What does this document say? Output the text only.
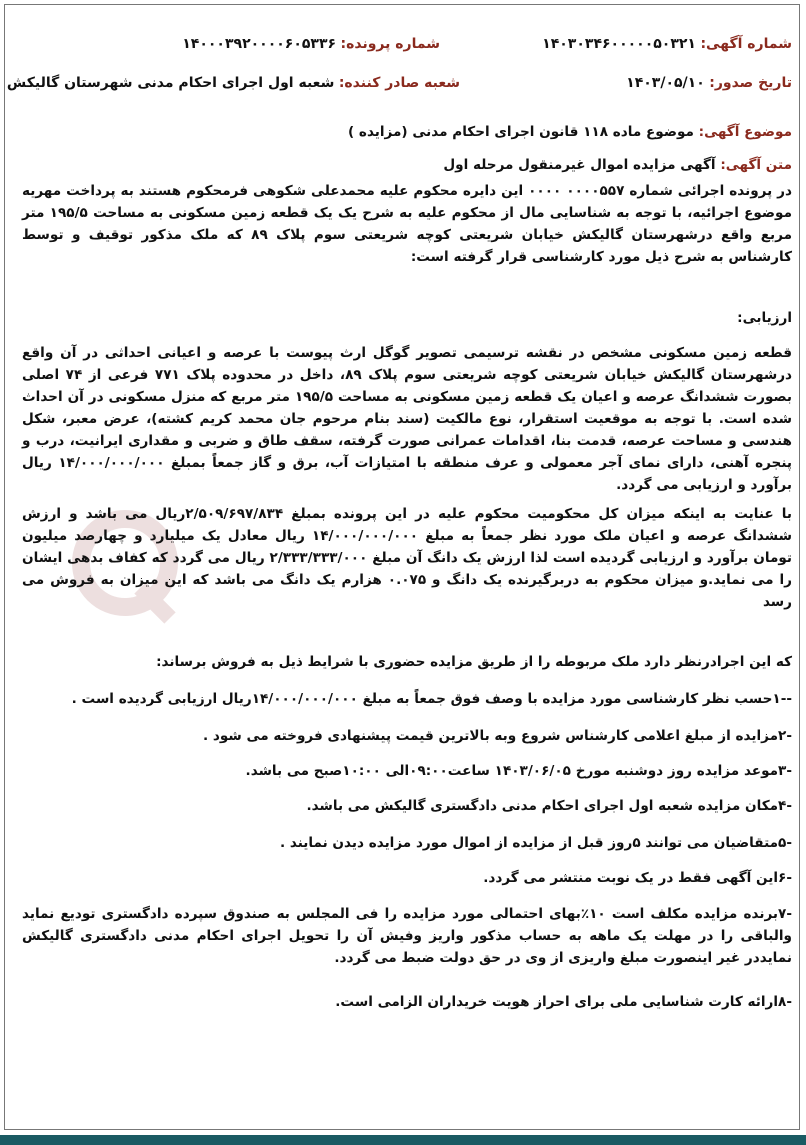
شماره آگهی: ۱۴۰۳۰۳۴۶۰۰۰۰۰۵۰۳۲۱
شماره پرونده: ۱۴۰۰۰۳۹۲۰۰۰۰۶۰۵۳۳۶
تاریخ صدور: ۱۴۰۳/۰۵/۱۰
شعبه صادر کننده: شعبه اول اجرای احکام مدنی شهرستان گالیکش
موضوع آگهی: موضوع ماده ۱۱۸ قانون اجرای احکام مدنی (مزایده )
متن آگهی: آگهی مزایده اموال غیرمنقول مرحله اول

در پرونده اجرائی شماره ۰۰۰۰۵۵۷ ۰۰۰۰ این دایره محکوم علیه محمدعلی شکوهی فرمحکوم هستند به پرداخت مهریه موضوع اجرائیه، با توجه به شناسایی مال از محکوم علیه به شرح یک یک قطعه زمین مسکونی به مساحت ۱۹۵/۵ متر مربع واقع درشهرستان گالیکش خیابان شریعتی کوچه شریعتی سوم پلاک ۸۹ که ملک مذکور توقیف و توسط کارشناس به شرح ذیل مورد کارشناسی قرار گرفته است:

ارزیابی:

قطعه زمین مسکونی مشخص در نقشه ترسیمی تصویر گوگل ارث پیوست با عرصه و اعیانی احداثی در آن واقع درشهرستان گالیکش خیابان شریعتی کوچه شریعتی سوم پلاک ۸۹، داخل در محدوده پلاک ۷۷۱ فرعی از ۷۴ اصلی بصورت ششدانگ عرصه و اعیان یک قطعه زمین مسکونی به مساحت ۱۹۵/۵ متر مربع که منزل مسکونی در آن احداث شده است. با توجه به موقعیت استقرار، نوع مالکیت (سند بنام مرحوم جان محمد کریم کشته)، عرض معبر، شکل هندسی و مساحت عرصه، قدمت بنا، اقدامات عمرانی صورت گرفته، سقف طاق و ضربی و مقداری ایرانیت، درب و پنجره آهنی، دارای نمای آجر معمولی و عرف منطقه با امتیازات آب، برق و گاز جمعاً بمبلغ ۱۴/۰۰۰/۰۰۰/۰۰۰ ریال برآورد و ارزیابی می گردد.

با عنایت به اینکه میزان کل محکومیت محکوم علیه در این پرونده بمبلغ ۲/۵۰۹/۶۹۷/۸۳۴ریال می باشد و ارزش ششدانگ عرصه و اعیان ملک مورد نظر جمعاً به مبلغ ۱۴/۰۰۰/۰۰۰/۰۰۰ ریال معادل یک میلیارد و چهارصد میلیون تومان برآورد و ارزیابی گردیده است لذا ارزش یک دانگ آن مبلغ ۲/۳۳۳/۳۳۳/۰۰۰ ریال می گردد که کفاف بدهی ایشان را می نماید.و میزان محکوم به دربرگیرنده یک دانگ و ۰.۰۷۵ هزارم یک دانگ می باشد که این میزان به فروش می رسد

که این اجرادرنظر دارد ملک مربوطه را از طریق مزایده حضوری با شرایط ذیل به فروش برساند:

--۱حسب نظر کارشناسی مورد مزایده با وصف فوق جمعاً به مبلغ ۱۴/۰۰۰/۰۰۰/۰۰۰ریال ارزیابی گردیده است .
-۲مزایده از مبلغ اعلامی کارشناس شروع وبه بالاترین قیمت پیشنهادی فروخته می شود .
-۳موعد مزایده روز دوشنبه مورخ ۱۴۰۳/۰۶/۰۵ ساعت۰۹:۰۰الی ۱۰:۰۰صبح می باشد.
-۴مکان مزایده شعبه اول اجرای احکام مدنی دادگستری گالیکش می باشد.
-۵متقاضیان می توانند ۵روز قبل از مزایده از اموال مورد مزایده دیدن نمایند .
-۶این آگهی فقط در یک نوبت منتشر می گردد.
-۷برنده مزایده مکلف است ۱۰٪بهای احتمالی مورد مزایده را فی المجلس به صندوق سپرده دادگستری تودیع نماید والباقی را در مهلت یک ماهه به حساب مذکور واریز وفیش آن را تحویل اجرای احکام مدنی دادگستری گالیکش نمایددر غیر اینصورت مبلغ واریزی از وی در حق دولت ضبط می گردد.
-۸ارائه کارت شناسایی ملی برای احراز هویت خریداران الزامی است.
